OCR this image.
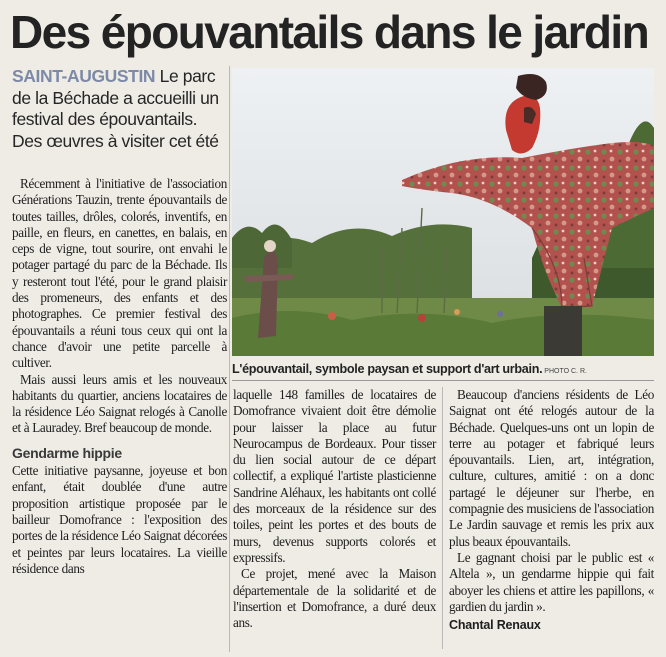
Des épouvantails dans le jardin

SAINT-AUGUSTIN Le parc de la Béchade a accueilli un festival des épouvantails. Des œuvres à visiter cet été

Récemment à l'initiative de l'association Générations Tauzin, trente épouvantails de toutes tailles, drôles, colorés, inventifs, en paille, en fleurs, en canettes, en balais, en ceps de vigne, tout sourire, ont envahi le potager partagé du parc de la Béchade. Ils y resteront tout l'été, pour le grand plaisir des promeneurs, des enfants et des photographes. Ce premier festival des épouvantails a réuni tous ceux qui ont la chance d'avoir une petite parcelle à cultiver.

Mais aussi leurs amis et les nouveaux habitants du quartier, anciens locataires de la résidence Léo Saignat relogés à Canolle et à Lauradey. Bref beaucoup de monde.

Gendarme hippie

Cette initiative paysanne, joyeuse et bon enfant, était doublée d'une autre proposition artistique proposée par le bailleur Domofrance : l'exposition des portes de la résidence Léo Saignat décorées et peintes par leurs locataires. La vieille résidence dans

L'épouvantail, symbole paysan et support d'art urbain. PHOTO C. R.

laquelle 148 familles de locataires de Domofrance vivaient doit être démolie pour laisser la place au futur Neurocampus de Bordeaux. Pour tisser du lien social autour de ce départ collectif, a expliqué l'artiste plasticienne Sandrine Aléhaux, les habitants ont collé des morceaux de la résidence sur des toiles, peint les portes et des bouts de murs, devenus supports colorés et expressifs.

Ce projet, mené avec la Maison départementale de la solidarité et de l'insertion et Domofrance, a duré deux ans.

Beaucoup d'anciens résidents de Léo Saignat ont été relogés autour de la Béchade. Quelques-uns ont un lopin de terre au potager et fabriqué leurs épouvantails. Lien, art, intégration, culture, cultures, amitié : on a donc partagé le déjeuner sur l'herbe, en compagnie des musiciens de l'association Le Jardin sauvage et remis les prix aux plus beaux épouvantails.

Le gagnant choisi par le public est « Altela », un gendarme hippie qui fait aboyer les chiens et attire les papillons, « gardien du jardin ».

Chantal Renaux
